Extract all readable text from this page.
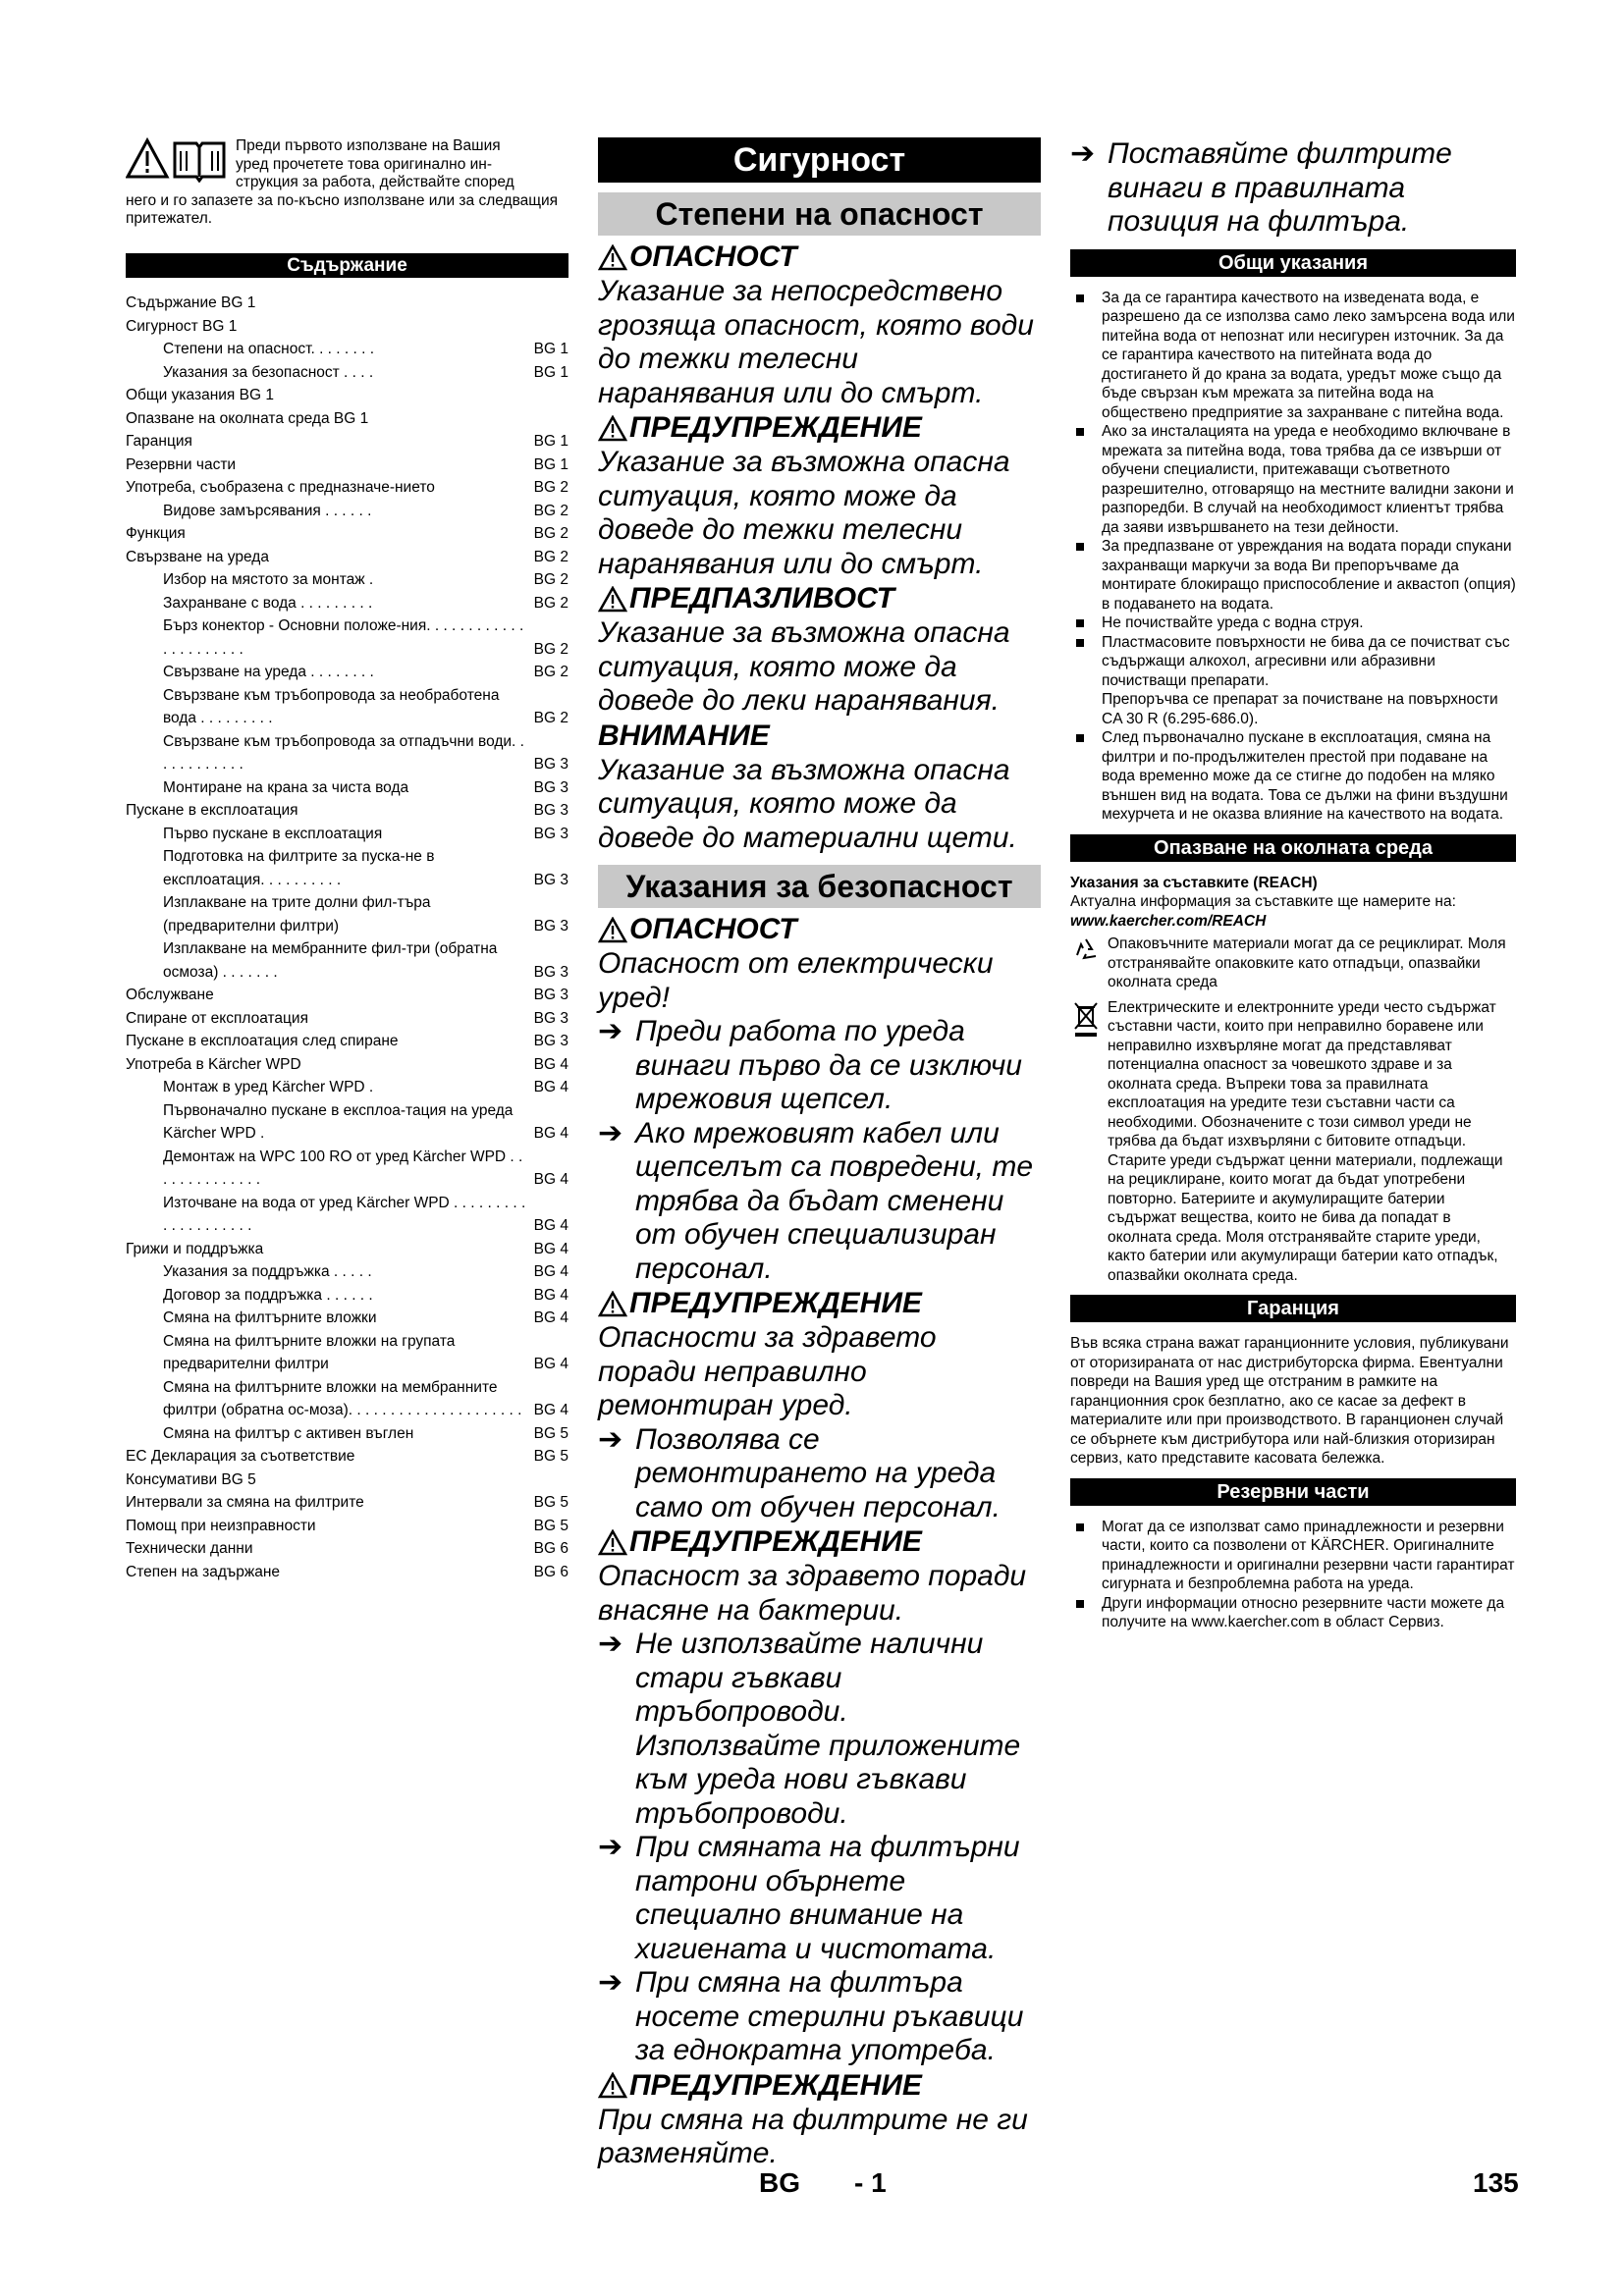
Преди първото използване на Вашия
уред прочетете това оригинално ин-
струкция за работа, действайте според
него и го запазете за по-късно използване или за следващия притежател.
Съдържание
Съдържание BG 1
Сигурност BG 1
Степени на опасност. . . . . . . .	BG 1
Указания за безопасност . . . .	BG 1
Общи указания BG 1
Опазване на околната среда BG 1
Гаранция	BG 1
Резервни части	BG 1
Употреба, съобразена с предназначе-нието	BG 2
Видове замърсявания . . . . . .	BG 2
Функция	BG 2
Свързване на уреда	BG 2
Избор на мястото за монтаж .	BG 2
Захранване с вода . . . . . . . . .	BG 2
Бърз конектор - Основни положе-ния. . . . . . . . . . . . . . . . . . . . . .	BG 2
Свързване на уреда . . . . . . . .	BG 2
Свързване към тръбопровода за необработена вода . . . . . . . . .	BG 2
Свързване към тръбопровода за отпадъчни води. . . . . . . . . . . .	BG 3
Монтиране на крана за чиста вода	BG 3
Пускане в експлоатация	BG 3
Първо пускане в експлоатация	BG 3
Подготовка на филтрите за пуска-не в експлоатация. . . . . . . . . .	BG 3
Изплакване на трите долни фил-търа (предварителни филтри)	BG 3
Изплакване на мембранните фил-три (обратна осмоза) . . . . . . .	BG 3
Обслужване	BG 3
Спиране от експлоатация	BG 3
Пускане в експлоатация след спиране	BG 3
Употреба в Kärcher WPD	BG 4
Монтаж в уред Kärcher WPD .	BG 4
Първоначално пускане в експлоа-тация на уреда Kärcher WPD .	BG 4
Демонтаж на WPC 100 RO от уред Kärcher WPD . . . . . . . . . . . . . .	BG 4
Източване на вода от уред Kärcher WPD . . . . . . . . . . . . . . . . . . . .	BG 4
Грижи и поддръжка	BG 4
Указания за поддръжка . . . . .	BG 4
Договор за поддръжка . . . . . .	BG 4
Смяна на филтърните вложки	BG 4
Смяна на филтърните вложки на групата предварителни филтри	BG 4
Смяна на филтърните вложки на мембранните филтри (обратна ос-моза). . . . . . . . . . . . . . . . . . . . . BG 4
Смяна на филтър с активен въглен	BG 5
ЕС Декларация за съответствие	BG 5
Консумативи BG 5
Интервали за смяна на филтрите	BG 5
Помощ при неизправности	BG 5
Технически данни	BG 6
Степен на задържане	BG 6
Сигурност
Степени на опасност
ОПАСНОСТ
Указание за непосредствено грозяща опасност, която води до тежки телесни наранявания или до смърт.
ПРЕДУПРЕЖДЕНИЕ
Указание за възможна опасна ситуация, която може да доведе до тежки телесни наранявания или до смърт.
ПРЕДПАЗЛИВОСТ
Указание за възможна опасна ситуация, която може да доведе до леки наранявания.
ВНИМАНИЕ
Указание за възможна опасна ситуация, която може да доведе до материални щети.
Указания за безопасност
ОПАСНОСТ
Опасност от електрически уред!
➔ Преди работа по уреда винаги първо да се изключи мрежовия щепсел.
➔ Ако мрежовият кабел или щепселът са повредени, те трябва да бъдат сменени от обучен специализиран персонал.
ПРЕДУПРЕЖДЕНИЕ
Опасности за здравето поради неправилно ремонтиран уред.
➔ Позволява се ремонтирането на уреда само от обучен персонал.
ПРЕДУПРЕЖДЕНИЕ
Опасност за здравето поради внасяне на бактерии.
➔ Не използвайте налични стари гъвкави тръбопроводи.
Използвайте приложените към уреда нови гъвкави тръбопроводи.
➔ При смяната на филтърни патрони обърнете специално внимание на хигиената и чистотата.
➔ При смяна на филтъра носете стерилни ръкавици за еднократна употреба.
ПРЕДУПРЕЖДЕНИЕ
При смяна на филтрите не ги разменяйте.
➔ Поставяйте филтрите винаги в правилната позиция на филтъра.
Общи указания
За да се гарантира качеството на изведената вода, е разрешено да се използва само леко замърсена вода или питейна вода от непознат или несигурен източник. За да се гарантира качеството на питейната вода до достигането й до крана за водата, уредът може също да бъде свързан към мрежата за питейна вода на обществено предприятие за захранване с питейна вода.
Ако за инсталацията на уреда е необходимо включване в мрежата за питейна вода, това трябва да се извърши от обучени специалисти, притежаващи съответното разрешително, отговарящо на местните валидни закони и разпоредби. В случай на необходимост клиентът трябва да заяви извършването на тези дейности.
За предпазване от увреждания на водата поради спукани захранващи маркучи за вода Ви препоръчваме да монтирате блокиращо приспособление и аквастоп (опция) в подаването на водата.
Не почиствайте уреда с водна струя.
Пластмасовите повърхности не бива да се почистват със съдържащи алкохол, агресивни или абразивни почистващи препарати.
Препоръчва се препарат за почистване на повърхности CA 30 R (6.295-686.0).
След първоначално пускане в експлоатация, смяна на филтри и по-продължителен престой при подаване на вода временно може да се стигне до подобен на мляко външен вид на водата. Това се дължи на фини въздушни мехурчета и не оказва влияние на качеството на водата.
Опазване на околната среда
Указания за съставките (REACH)
Актуална информация за съставките ще намерите на:
www.kaercher.com/REACH
Опаковъчните материали могат да се рециклират. Моля отстранявайте опаковките като отпадъци, опазвайки околната среда
Електрическите и електронните уреди често съдържат съставни части, които при неправилно боравене или неправилно изхвърляне могат да представляват потенциална опасност за човешкото здраве и за околната среда. Въпреки това за правилната експлоатация на уредите тези съставни части са необходими. Обозначените с този символ уреди не трябва да бъдат изхвърляни с битовите отпадъци.
Старите уреди съдържат ценни материали, подлежащи на рециклиране, които могат да бъдат употребени повторно. Батериите и акумулиращите батерии съдържат вещества, които не бива да попадат в околната среда. Моля отстранявайте старите уреди, както батерии или акумулиращи батерии като отпадък, опазвайки околната среда.
Гаранция
Във всяка страна важат гаранционните условия, публикувани от оторизираната от нас дистрибуторска фирма. Евентуални повреди на Вашия уред ще отстраним в рамките на гаранционния срок безплатно, ако се касае за дефект в материалите или при производството. В гаранционен случай се обърнете към дистрибутора или най-близкия оторизиран сервиз, като представите касовата бележка.
Резервни части
Могат да се използват само принадлежности и резервни части, които са позволени от KÄRCHER. Оригиналните принадлежности и оригинални резервни части гарантират сигурната и безпроблемна работа на уреда.
Други информации относно резервните части можете да получите на www.kaercher.com в област Сервиз.
BG - 1	135
